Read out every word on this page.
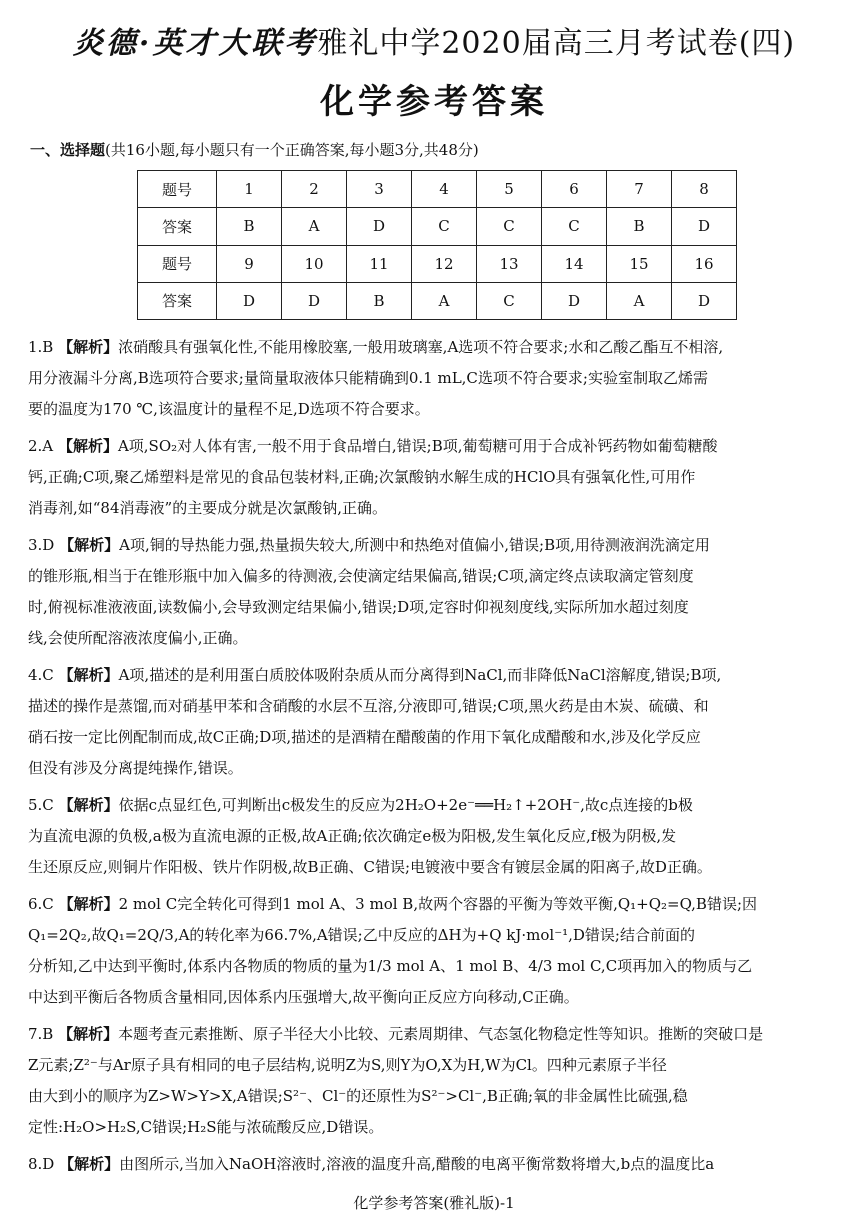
炎德·英才大联考雅礼中学2020届高三月考试卷(四)
化学参考答案
一、选择题(共16小题,每小题只有一个正确答案,每小题3分,共48分)
题号	1	2	3	4	5	6	7	8
答案	B	A	D	C	C	C	B	D
题号	9	10	11	12	13	14	15	16
答案	D	D	B	A	C	D	A	D
1.B 【解析】浓硝酸具有强氧化性,不能用橡胶塞,一般用玻璃塞,A选项不符合要求;水和乙酸乙酯互不相溶,
用分液漏斗分离,B选项符合要求;量筒量取液体只能精确到0.1 mL,C选项不符合要求;实验室制取乙烯需
要的温度为170 ℃,该温度计的量程不足,D选项不符合要求。
2.A 【解析】A项,SO₂对人体有害,一般不用于食品增白,错误;B项,葡萄糖可用于合成补钙药物如葡萄糖酸
钙,正确;C项,聚乙烯塑料是常见的食品包装材料,正确;次氯酸钠水解生成的HClO具有强氧化性,可用作
消毒剂,如“84消毒液”的主要成分就是次氯酸钠,正确。
3.D 【解析】A项,铜的导热能力强,热量损失较大,所测中和热绝对值偏小,错误;B项,用待测液润洗滴定用
的锥形瓶,相当于在锥形瓶中加入偏多的待测液,会使滴定结果偏高,错误;C项,滴定终点读取滴定管刻度
时,俯视标准液液面,读数偏小,会导致测定结果偏小,错误;D项,定容时仰视刻度线,实际所加水超过刻度
线,会使所配溶液浓度偏小,正确。
4.C 【解析】A项,描述的是利用蛋白质胶体吸附杂质从而分离得到NaCl,而非降低NaCl溶解度,错误;B项,
描述的操作是蒸馏,而对硝基甲苯和含硝酸的水层不互溶,分液即可,错误;C项,黑火药是由木炭、硫磺、和
硝石按一定比例配制而成,故C正确;D项,描述的是酒精在醋酸菌的作用下氧化成醋酸和水,涉及化学反应
但没有涉及分离提纯操作,错误。
5.C 【解析】依据c点显红色,可判断出c极发生的反应为2H₂O+2e⁻══H₂↑+2OH⁻,故c点连接的b极
为直流电源的负极,a极为直流电源的正极,故A正确;依次确定e极为阳极,发生氧化反应,f极为阴极,发
生还原反应,则铜片作阳极、铁片作阴极,故B正确、C错误;电镀液中要含有镀层金属的阳离子,故D正确。
6.C 【解析】2 mol C完全转化可得到1 mol A、3 mol B,故两个容器的平衡为等效平衡,Q₁+Q₂=Q,B错误;因
Q₁=2Q₂,故Q₁=2Q/3,A的转化率为66.7%,A错误;乙中反应的ΔH为+Q kJ·mol⁻¹,D错误;结合前面的
分析知,乙中达到平衡时,体系内各物质的物质的量为1/3 mol A、1 mol B、4/3 mol C,C项再加入的物质与乙
中达到平衡后各物质含量相同,因体系内压强增大,故平衡向正反应方向移动,C正确。
7.B 【解析】本题考查元素推断、原子半径大小比较、元素周期律、气态氢化物稳定性等知识。推断的突破口是
Z元素;Z²⁻与Ar原子具有相同的电子层结构,说明Z为S,则Y为O,X为H,W为Cl。四种元素原子半径
由大到小的顺序为Z>W>Y>X,A错误;S²⁻、Cl⁻的还原性为S²⁻>Cl⁻,B正确;氧的非金属性比硫强,稳
定性:H₂O>H₂S,C错误;H₂S能与浓硫酸反应,D错误。
8.D 【解析】由图所示,当加入NaOH溶液时,溶液的温度升高,醋酸的电离平衡常数将增大,b点的温度比a
化学参考答案(雅礼版)-1
